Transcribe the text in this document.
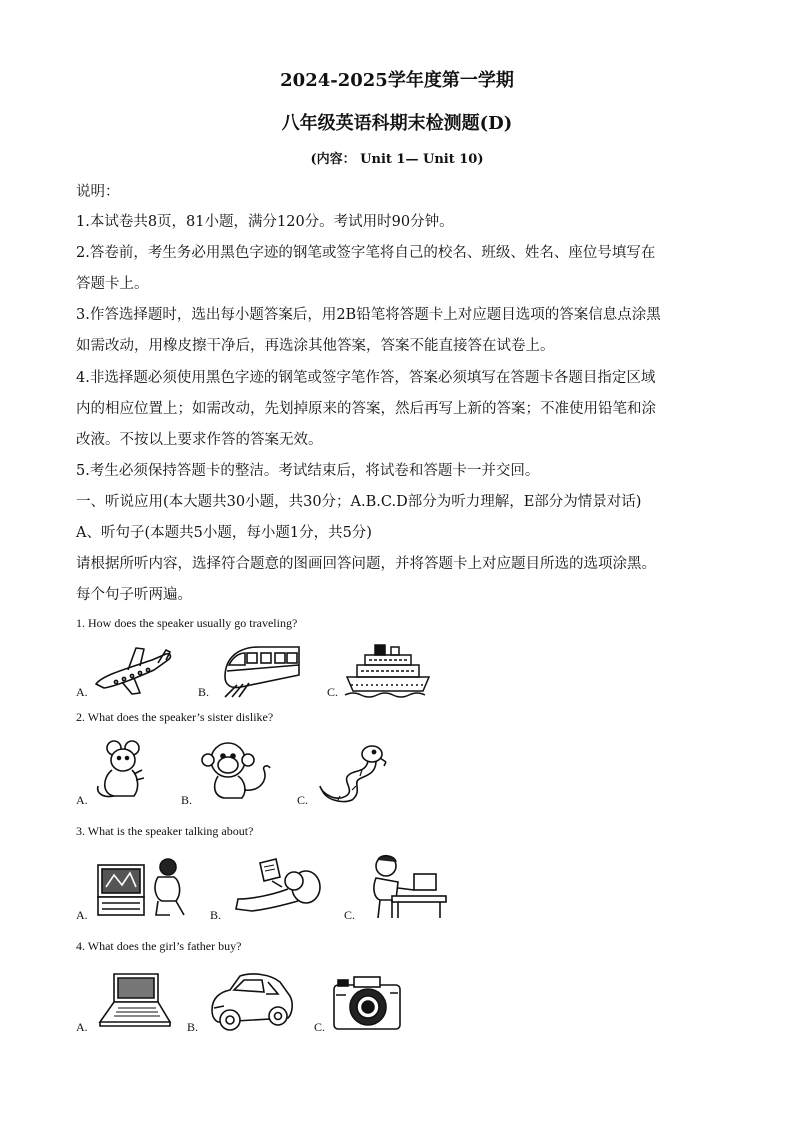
2024-2025学年度第一学期
八年级英语科期末检测题(D)
(内容： Unit 1— Unit 10)
说明：
1.本试卷共8页，81小题，满分120分。考试用时90分钟。
2.答卷前，考生务必用黑色字迹的钢笔或签字笔将自己的校名、班级、姓名、座位号填写在
答题卡上。
3.作答选择题时，选出每小题答案后，用2B铅笔将答题卡上对应题目选项的答案信息点涂黑
如需改动，用橡皮擦干净后，再选涂其他答案，答案不能直接答在试卷上。
4.非选择题必须使用黑色字迹的钢笔或签字笔作答，答案必须填写在答题卡各题目指定区域
内的相应位置上；如需改动，先划掉原来的答案，然后再写上新的答案；不准使用铅笔和涂
改液。不按以上要求作答的答案无效。
5.考生必须保持答题卡的整洁。考试结束后，将试卷和答题卡一并交回。
一、听说应用(本大题共30小题，共30分；A.B.C.D部分为听力理解，E部分为情景对话)
A、听句子(本题共5小题，每小题1分，共5分)
请根据所听内容，选择符合题意的图画回答问题，并将答题卡上对应题目所选的选项涂黑。
每个句子听两遍。
1. How does the speaker usually go traveling?
A.	B.	C.
2. What does the speaker’s sister dislike?
A.	B.	C.
3. What is the speaker talking about?
A.	B.	C.
4. What does the girl’s father buy?
A.	B.	C.
